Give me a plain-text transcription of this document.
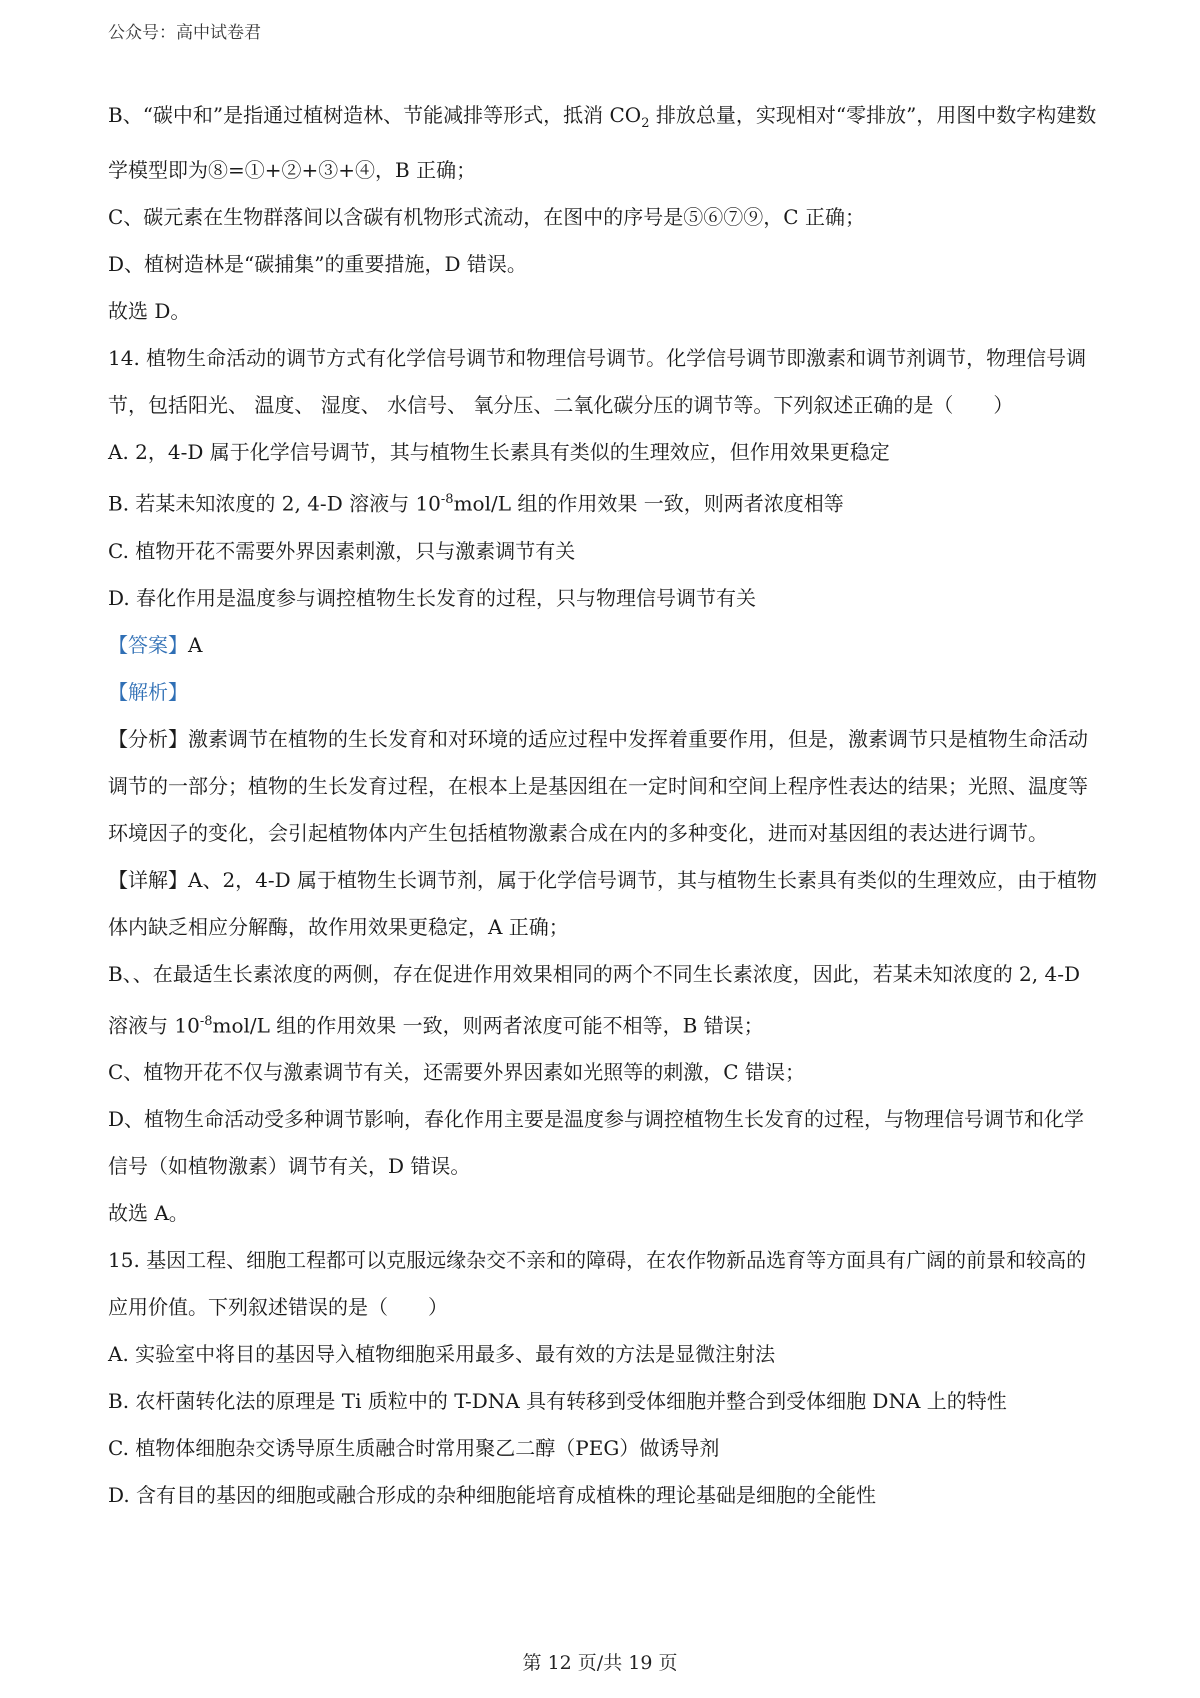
公众号：高中试卷君

B、“碳中和”是指通过植树造林、节能减排等形式，抵消 $CO_2$ 排放总量，实现相对“零排放”，用图中数字构建数学模型即为⑧=①+②+③+④，B 正确；

C、碳元素在生物群落间以含碳有机物形式流动，在图中的序号是⑤⑥⑦⑨，C 正确；

D、植树造林是“碳捕集”的重要措施，D 错误。

故选 D。

14. 植物生命活动的调节方式有化学信号调节和物理信号调节。化学信号调节即激素和调节剂调节，物理信号调节，包括阳光、 温度、 湿度、 水信号、 氧分压、二氧化碳分压的调节等。下列叙述正确的是（　　）

A. 2，4-D 属于化学信号调节，其与植物生长素具有类似的生理效应，但作用效果更稳定

B. 若某未知浓度的 2, 4-D 溶液与 $10^{-8}mol/L$ 组的作用效果 一致，则两者浓度相等

C. 植物开花不需要外界因素刺激，只与激素调节有关

D. 春化作用是温度参与调控植物生长发育的过程，只与物理信号调节有关

【答案】A

【解析】

【分析】激素调节在植物的生长发育和对环境的适应过程中发挥着重要作用，但是，激素调节只是植物生命活动调节的一部分；植物的生长发育过程，在根本上是基因组在一定时间和空间上程序性表达的结果；光照、温度等环境因子的变化，会引起植物体内产生包括植物激素合成在内的多种变化，进而对基因组的表达进行调节。

【详解】A、2，4-D 属于植物生长调节剂，属于化学信号调节，其与植物生长素具有类似的生理效应，由于植物体内缺乏相应分解酶，故作用效果更稳定，A 正确；

B、、在最适生长素浓度的两侧，存在促进作用效果相同的两个不同生长素浓度，因此，若某未知浓度的 2, 4-D 溶液与 $10^{-8}mol/L$ 组的作用效果 一致，则两者浓度可能不相等，B 错误；

C、植物开花不仅与激素调节有关，还需要外界因素如光照等的刺激，C 错误；

D、植物生命活动受多种调节影响，春化作用主要是温度参与调控植物生长发育的过程，与物理信号调节和化学信号（如植物激素）调节有关，D 错误。

故选 A。

15. 基因工程、细胞工程都可以克服远缘杂交不亲和的障碍，在农作物新品选育等方面具有广阔的前景和较高的应用价值。下列叙述错误的是（　　）

A. 实验室中将目的基因导入植物细胞采用最多、最有效的方法是显微注射法

B. 农杆菌转化法的原理是 Ti 质粒中的 T-DNA 具有转移到受体细胞并整合到受体细胞 DNA 上的特性

C. 植物体细胞杂交诱导原生质融合时常用聚乙二醇（PEG）做诱导剂

D. 含有目的基因的细胞或融合形成的杂种细胞能培育成植株的理论基础是细胞的全能性

第 12 页/共 19 页
